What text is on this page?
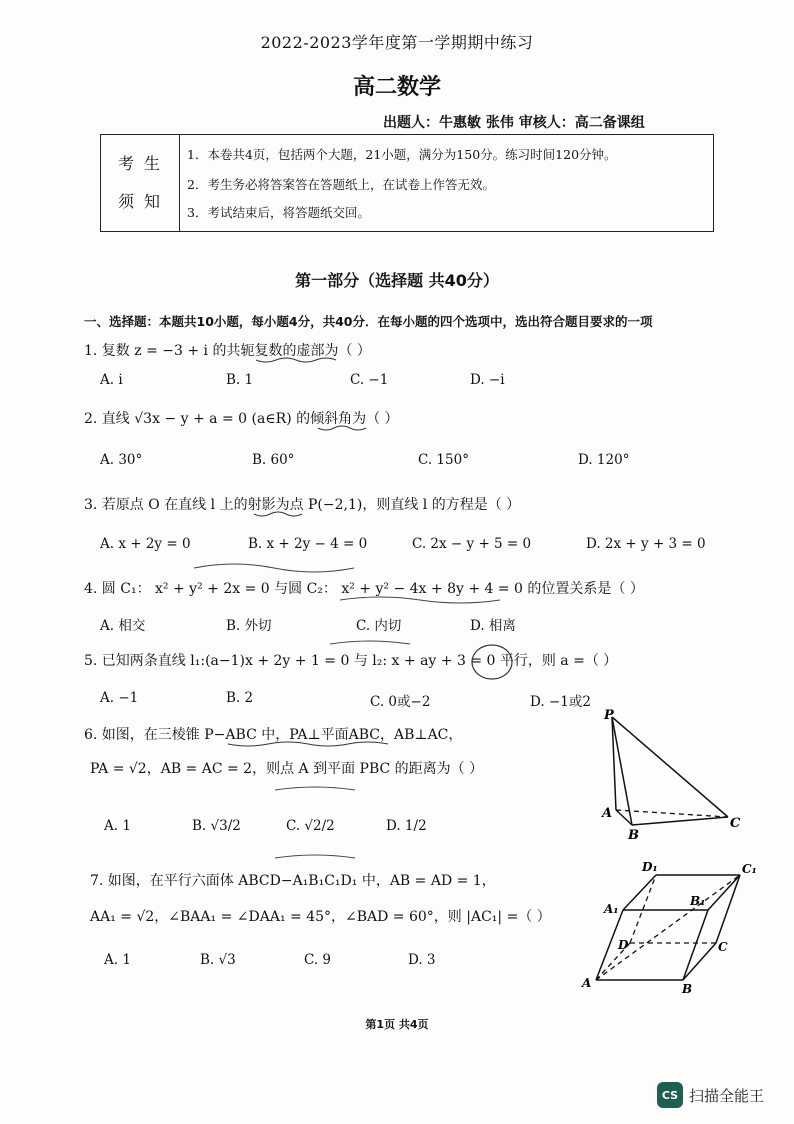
2022-2023学年度第一学期期中练习
高二数学
出题人：牛惠敏 张伟 审核人：高二备课组
考生
须知
1．本卷共4页，包括两个大题，21小题，满分为150分。练习时间120分钟。
2．考生务必将答案答在答题纸上，在试卷上作答无效。
3．考试结束后，将答题纸交回。
第一部分（选择题 共40分）
一、选择题：本题共10小题，每小题4分，共40分．在每小题的四个选项中，选出符合题目要求的一项
1. 复数 z = −3 + i 的共轭复数的虚部为（ ）
A. i	B. 1	C. −1	D. −i
2. 直线 √3x − y + a = 0 (a∈R) 的倾斜角为（ ）
A. 30°	B. 60°	C. 150°	D. 120°
3. 若原点 O 在直线 l 上的射影为点 P(−2,1)，则直线 l 的方程是（ ）
A. x + 2y = 0	B. x + 2y − 4 = 0	C. 2x − y + 5 = 0	D. 2x + y + 3 = 0
4. 圆 C₁： x² + y² + 2x = 0 与圆 C₂： x² + y² − 4x + 8y + 4 = 0 的位置关系是（ ）
A. 相交	B. 外切	C. 内切	D. 相离
5. 已知两条直线 l₁:(a−1)x + 2y + 1 = 0 与 l₂: x + ay + 3 = 0 平行，则 a =（ ）
A. −1	B. 2	C. 0或−2	D. −1或2
6. 如图，在三棱锥 P−ABC 中，PA⊥平面ABC，AB⊥AC，
PA = √2，AB = AC = 2，则点 A 到平面 PBC 的距离为（ ）
A. 1	B. √3/2	C. √2/2	D. 1/2
7. 如图，在平行六面体 ABCD−A₁B₁C₁D₁ 中，AB = AD = 1，
AA₁ = √2，∠BAA₁ = ∠DAA₁ = 45°，∠BAD = 60°，则 |AC₁| =（ ）
A. 1	B. √3	C. 9	D. 3
P
A
B
C
D₁	C₁
A₁
B₁
D	C
A	B
第1页 共4页
CS 扫描全能王
